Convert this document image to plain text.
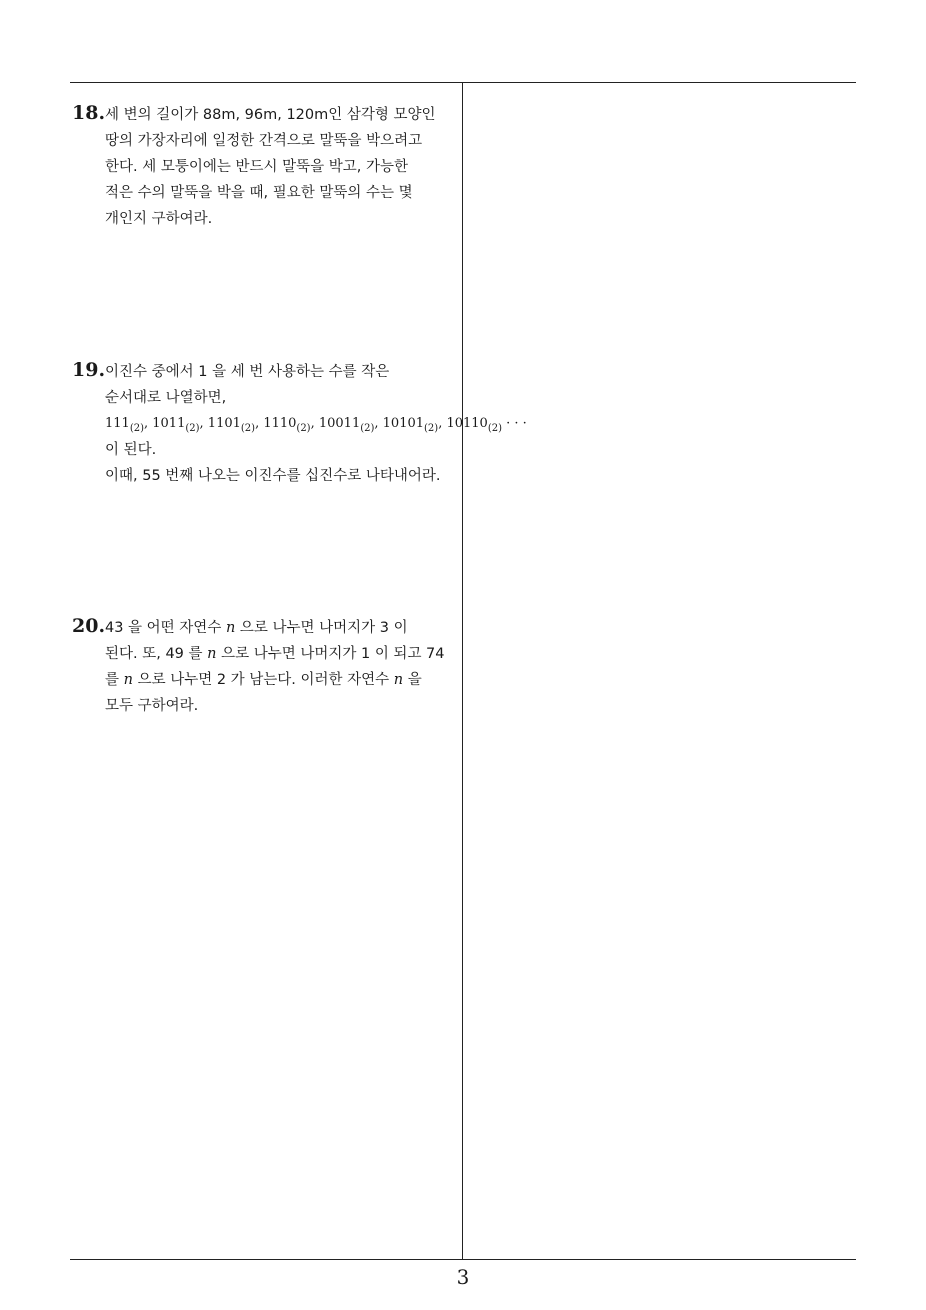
18. 세 변의 길이가 88m, 96m, 120m인 삼각형 모양인
땅의 가장자리에 일정한 간격으로 말뚝을 박으려고
한다. 세 모퉁이에는 반드시 말뚝을 박고, 가능한
적은 수의 말뚝을 박을 때, 필요한 말뚝의 수는 몇
개인지 구하여라.
19. 이진수 중에서 1 을 세 번 사용하는 수를 작은
순서대로 나열하면,
$111_{(2)}$, $1011_{(2)}$, $1101_{(2)}$, $1110_{(2)}$, $10011_{(2)}$, $10101_{(2)}$, $10110_{(2)}$ · · ·
이 된다.
이때, 55 번째 나오는 이진수를 십진수로 나타내어라.
20. 43 을 어떤 자연수 n 으로 나누면 나머지가 3 이
된다. 또, 49 를 n 으로 나누면 나머지가 1 이 되고 74
를 n 으로 나누면 2 가 남는다. 이러한 자연수 n 을
모두 구하여라.
3
